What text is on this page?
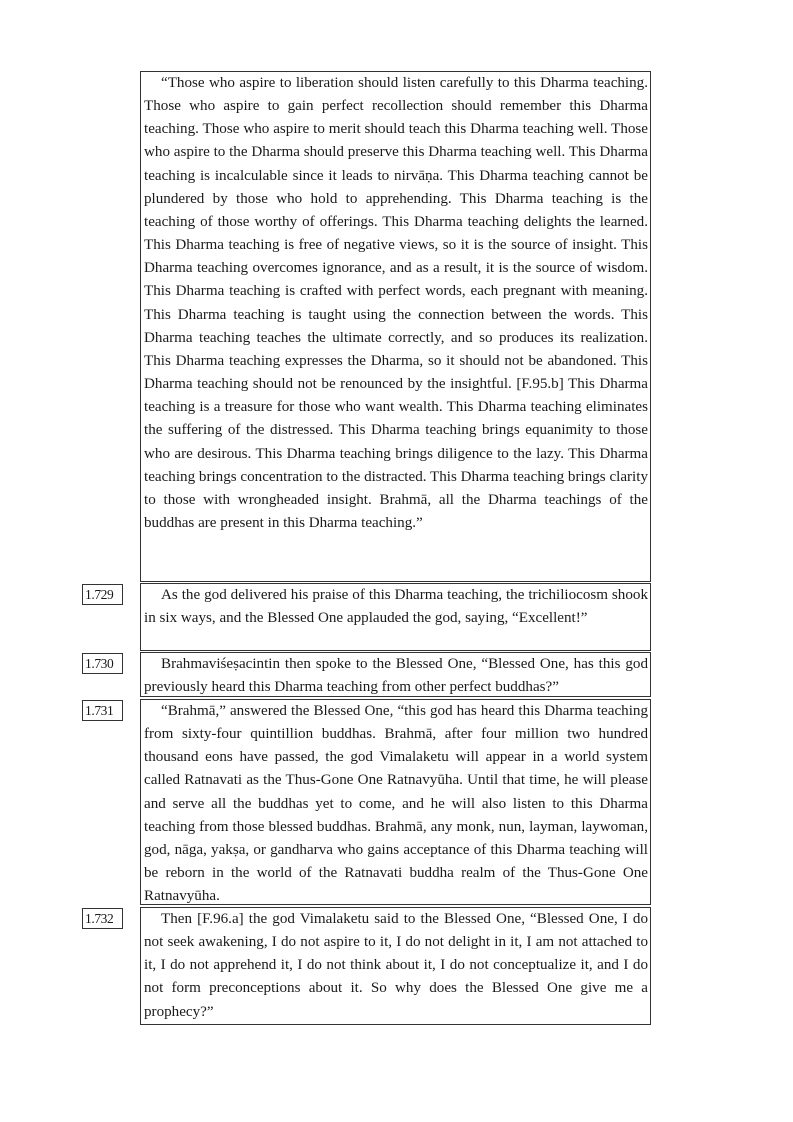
“Those who aspire to liberation should listen carefully to this Dharma teaching. Those who aspire to gain perfect recollection should remember this Dharma teaching. Those who aspire to merit should teach this Dharma teaching well. Those who aspire to the Dharma should preserve this Dharma teaching well. This Dharma teaching is incalculable since it leads to nirvāṇa. This Dharma teaching cannot be plundered by those who hold to apprehending. This Dharma teaching is the teaching of those worthy of offerings. This Dharma teaching delights the learned. This Dharma teaching is free of negative views, so it is the source of insight. This Dharma teaching overcomes ignorance, and as a result, it is the source of wisdom. This Dharma teaching is crafted with perfect words, each pregnant with meaning. This Dharma teaching is taught using the connection between the words. This Dharma teaching teaches the ultimate correctly, and so produces its realization. This Dharma teaching expresses the Dharma, so it should not be abandoned. This Dharma teaching should not be renounced by the insightful. [F.95.b] This Dharma teaching is a treasure for those who want wealth. This Dharma teaching eliminates the suffering of the distressed. This Dharma teaching brings equanimity to those who are desirous. This Dharma teaching brings diligence to the lazy. This Dharma teaching brings concentration to the distracted. This Dharma teaching brings clarity to those with wrongheaded insight. Brahmā, all the Dharma teachings of the buddhas are present in this Dharma teaching.”

1.729	As the god delivered his praise of this Dharma teaching, the trichiliocosm shook in six ways, and the Blessed One applauded the god, saying, “Excellent!”

1.730	Brahmaviśeṣacintin then spoke to the Blessed One, “Blessed One, has this god previously heard this Dharma teaching from other perfect buddhas?”

1.731	“Brahmā,” answered the Blessed One, “this god has heard this Dharma teaching from sixty-four quintillion buddhas. Brahmā, after four million two hundred thousand eons have passed, the god Vimalaketu will appear in a world system called Ratnavati as the Thus-Gone One Ratnavyūha. Until that time, he will please and serve all the buddhas yet to come, and he will also listen to this Dharma teaching from those blessed buddhas. Brahmā, any monk, nun, layman, laywoman, god, nāga, yakṣa, or gandharva who gains acceptance of this Dharma teaching will be reborn in the world of the Ratnavati buddha realm of the Thus-Gone One Ratnavyūha.

1.732	Then [F.96.a] the god Vimalaketu said to the Blessed One, “Blessed One, I do not seek awakening, I do not aspire to it, I do not delight in it, I am not attached to it, I do not apprehend it, I do not think about it, I do not conceptualize it, and I do not form preconceptions about it. So why does the Blessed One give me a prophecy?”
